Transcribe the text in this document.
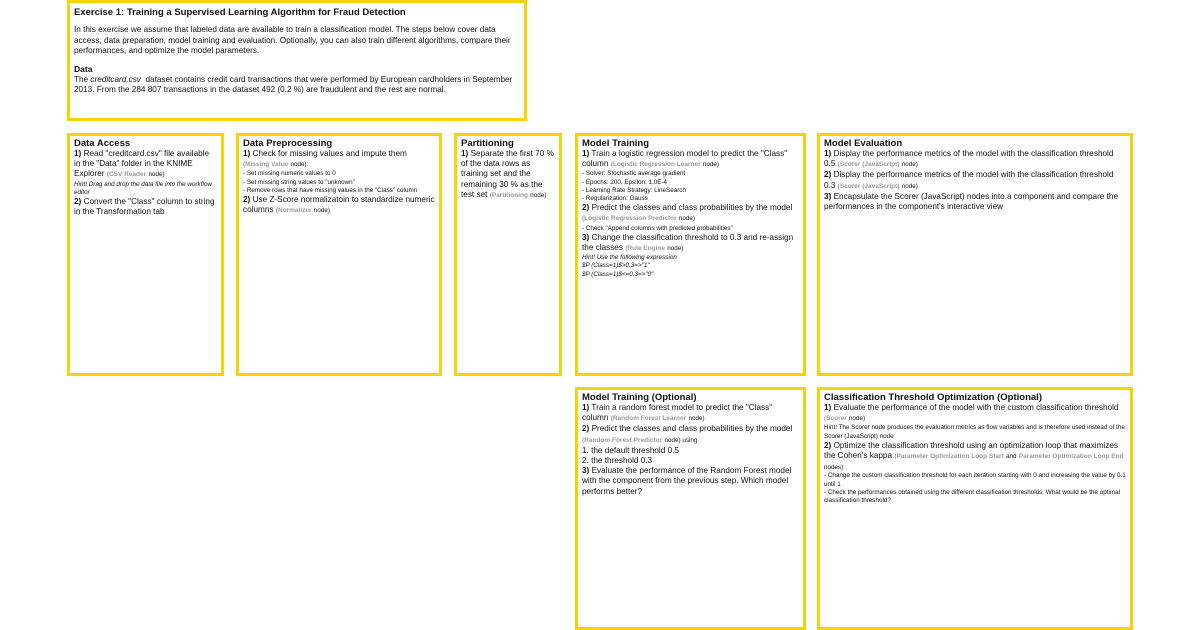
Exercise 1: Training a Supervised Learning Algorithm for Fraud Detection

In this exercise we assume that labeled data are available to train a classification model. The steps below cover data access, data preparation, model training and evaluation. Optionally, you can also train different algorithms, compare their performances, and optimize the model parameters.

Data

The creditcard.csv dataset contains credit card transactions that were performed by European cardholders in September 2013. From the 284 807 transactions in the dataset 492 (0.2 %) are fraudulent and the rest are normal.

Data Access

1) Read "creditcard.csv" file available in the "Data" folder in the KNIME Explorer (CSV Reader node)

Hint! Drag and drop the data file into the workflow editor

2) Convert the "Class" column to string in the Transformation tab

Data Preprocessing

1) Check for missing values and impute them (Missing Value node):

- Set missing numeric values to 0
- Set missing string values to "unknown"
- Remove rows that have missing values in the "Class" column

2) Use Z-Score normalizatoin to standardize numeric columns (Normalizer node)

Partitioning

1) Separate the first 70 % of the data rows as training set and the remaining 30 % as the test set (Partitioning node)

Model Training

1) Train a logistic regression model to predict the "Class" column (Logistic Regression Learner node)

- Solver: Stochastic average gradient
- Epochs: 200, Epsilon: 1.0E-4
- Learning Rate Strategy: LineSearch
- Regularization: Gauss

2) Predict the classes and class probabilities by the model (Logistic Regression Predictor node)

- Check "Append columns with predicted probabilities"

3) Change the classification threshold to 0.3 and re-assign the classes (Rule Engine node)

Hint! Use the following expression
$P (Class=1)$>0.3=>"1"
$P (Class=1)$<=0.3=>"0"
Model Evaluation

1) Display the performance metrics of the model with the classification threshold 0.5 (Scorer (JavaScript) node)

2) Display the performance metrics of the model with the classification threshold 0.3 (Scorer (JavaScript) node)

3) Encapsulate the Scorer (JavaScript) nodes into a component and compare the performances in the component's interactive view

Model Training (Optional)

1) Train a random forest model to predict the "Class" column (Random Forest Learner node)

2) Predict the classes and class probabilities by the model (Random Forest Predictor node) using

1. the default threshold 0.5
2. the threshold 0.3

3) Evaluate the performance of the Random Forest model with the component from the previous step. Which model performs better?

Classification Threshold Optimization (Optional)

1) Evaluate the performance of the model with the custom classification threshold (Scorer node)

Hint! The Scorer node produces the evaluation metrics as flow variables and is therefore used instead of the Scorer (JavaScript) node

2) Optimize the classification threshold using an optimization loop that maximizes the Cohen's kappa (Parameter Optimization Loop Start and Parameter Optimization Loop End nodes)

- Change the custom classification threshold for each iteration starting with 0 and increasing the value by 0.1 until 1
- Check the performances obtained using the different classification thresholds. What would be the optimal classification threshold?
